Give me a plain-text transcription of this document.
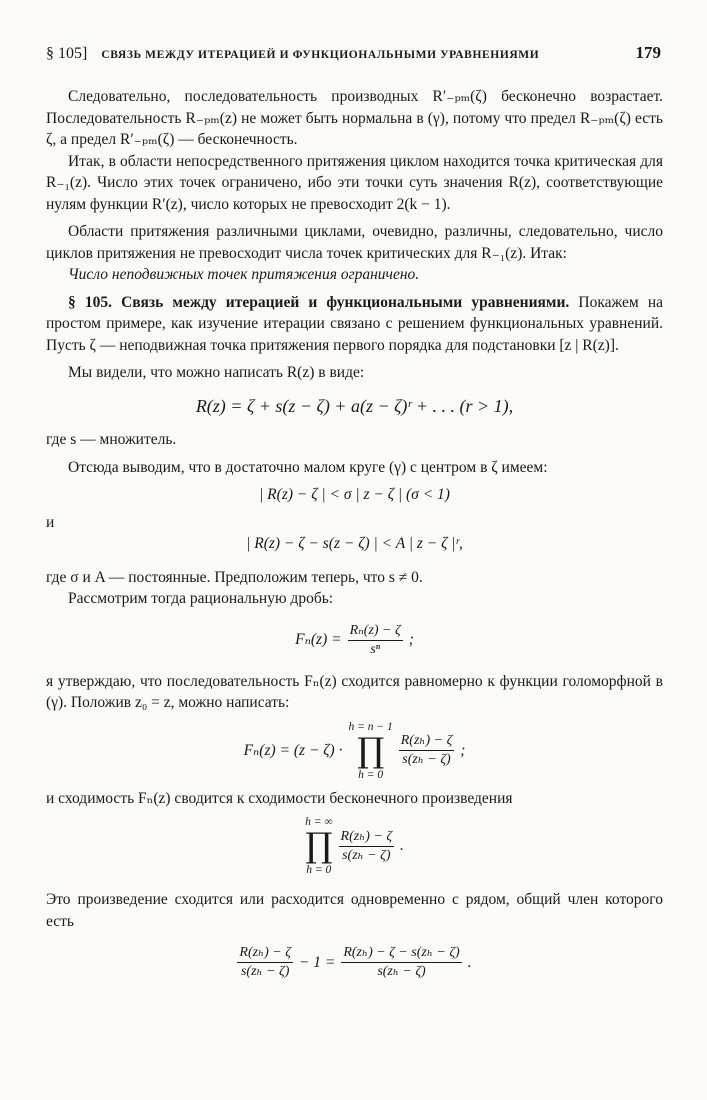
§ 105] СВЯЗЬ МЕЖДУ ИТЕРАЦИЕЙ И ФУНКЦИОНАЛЬНЫМИ УРАВНЕНИЯМИ	179

Следовательно, последовательность производных R′₋ₚₘ(ζ) бесконечно возрастает. Последовательность R₋ₚₘ(z) не может быть нормальна в (γ), потому что предел R₋ₚₘ(ζ) есть ζ, а предел R′₋ₚₘ(ζ) — бесконечность.

Итак, в области непосредственного притяжения циклом находится точка критическая для R₋₁(z). Число этих точек ограничено, ибо эти точки суть значения R(z), соответствующие нулям функции R′(z), число которых не превосходит 2(k − 1).

Области притяжения различными циклами, очевидно, различны, следовательно, число циклов притяжения не превосходит числа точек критических для R₋₁(z). Итак:

Число неподвижных точек притяжения ограничено.

§ 105. Связь между итерацией и функциональными уравнениями. Покажем на простом примере, как изучение итерации связано с решением функциональных уравнений. Пусть ζ — неподвижная точка притяжения первого порядка для подстановки [z | R(z)].

Мы видели, что можно написать R(z) в виде:

R(z) = ζ + s(z − ζ) + a(z − ζ)ʳ + . . . (r > 1),

где s — множитель.

Отсюда выводим, что в достаточно малом круге (γ) с центром в ζ имеем:

| R(z) − ζ | < σ | z − ζ | (σ < 1)

и

| R(z) − ζ − s(z − ζ) | < A | z − ζ |ʳ,

где σ и A — постоянные. Предположим теперь, что s ≠ 0.

Рассмотрим тогда рациональную дробь:

$F_n(z) = \frac{\text{Rₙ(z) − ζ}}{\text{sⁿ}}$ ;

я утверждаю, что последовательность Fₙ(z) сходится равномерно к функции голоморфной в (γ). Положив z₀ = z, можно написать:

Fₙ(z) = (z − ζ) ·
h = n − 1
∏
h = 0
$\frac{\text{R(zₕ) − ζ}}{\text{s(zₕ − ζ)}}$ ;

и сходимость Fₙ(z) сводится к сходимости бесконечного произведения

h = ∞
∏
h = 0
$\frac{\text{R(zₕ) − ζ}}{\text{s(zₕ − ζ)}}$ .

Это произведение сходится или расходится одновременно с рядом, общий член которого есть

$\frac{\text{R(zₕ) − ζ}}{\text{s(zₕ − ζ)}} - 1 = \frac{\text{R(zₕ) − ζ − s(zₕ − ζ)}}{\text{s(zₕ − ζ)}}$ .
